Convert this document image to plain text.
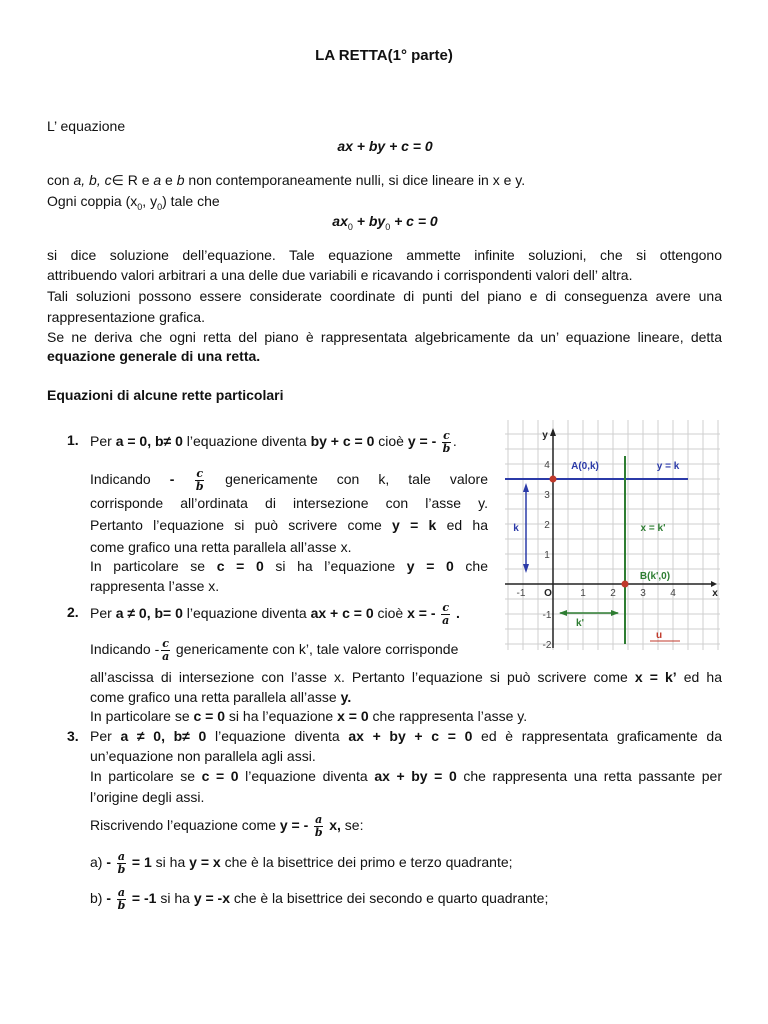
LA RETTA(1° parte)
L’ equazione
ax + by + c = 0
con a, b, c∈ R e a e b non contemporaneamente nulli, si dice lineare in x e y.
Ogni coppia ($x_0$, $y_0$) tale che
$ax_0 + by_0 + c = 0$
si dice soluzione dell’equazione. Tale equazione ammette infinite soluzioni, che si ottengono
attribuendo valori arbitrari a una delle due variabili e ricavando i corrispondenti valori dell’ altra.
Tali soluzioni possono essere considerate coordinate di punti del piano e di conseguenza avere una
rappresentazione grafica.
Se ne deriva che ogni retta del piano è rappresentata algebricamente da un’ equazione lineare, detta
equazione generale di una retta.
Equazioni di alcune rette particolari
1. Per a = 0, b≠ 0 l’equazione diventa by + c = 0 cioè y = - $\frac{c}{b}$ .
Indicando - $\frac{c}{b}$ genericamente con k, tale valore
corrisponde all’ordinata di intersezione con l’asse y.
Pertanto l’equazione si può scrivere come y = k ed ha
come grafico una retta parallela all’asse x.
In particolare se c = 0 si ha l’equazione y = 0 che
rappresenta l’asse x.
2. Per a ≠ 0, b= 0 l’equazione diventa ax + c = 0 cioè x = - $\frac{c}{a}$ .
Indicando - $\frac{c}{a}$ genericamente con k’, tale valore corrisponde
all’ascissa di intersezione con l’asse x. Pertanto l’equazione si può scrivere come x = k’ ed ha
come grafico una retta parallela all’asse y.
In particolare se c = 0 si ha l’equazione x = 0 che rappresenta l’asse y.
3. Per a ≠ 0, b≠ 0 l’equazione diventa ax + by + c = 0 ed è rappresentata graficamente da
un’equazione non parallela agli assi.
In particolare se c = 0 l’equazione diventa ax + by = 0 che rappresenta una retta passante per
l’origine degli assi.
Riscrivendo l’equazione come y = - $\frac{a}{b} x$, se:
$a) - \frac{a}{b} = 1$ si ha y = x che è la bisettrice dei primo e terzo quadrante;
$b) - \frac{a}{b} = -1$ si ha y = -x che è la bisettrice dei secondo e quarto quadrante;
x
y
O
-1	1 2 3 4
4
3
2
1
-1
-2
A(0,k)	y = k
x = k'
B(k',0)
k
k'
u
